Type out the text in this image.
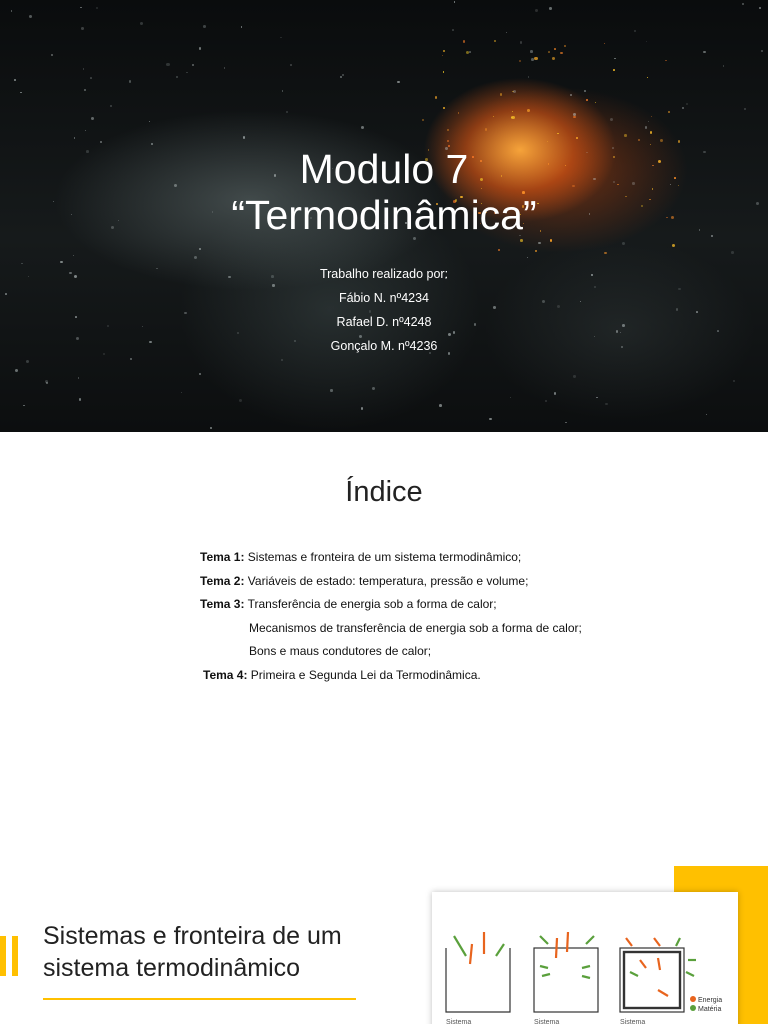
Modulo 7
“Termodinâmica”
Trabalho realizado por:
Fábio N. nº4234
Rafael D. nº4248
Gonçalo M. nº4236
Índice
Tema 1: Sistemas e fronteira de um sistema termodinâmico;
Tema 2: Variáveis de estado: temperatura, pressão e volume;
Tema 3: Transferência de energia sob a forma de calor;
Mecanismos de transferência de energia sob a forma de calor;
Bons e maus condutores de calor;
Tema 4: Primeira e Segunda Lei da Termodinâmica.
Sistemas e fronteira de um
sistema termodinâmico
Sistema	Sistema	Sistema
Energia
Matéria
